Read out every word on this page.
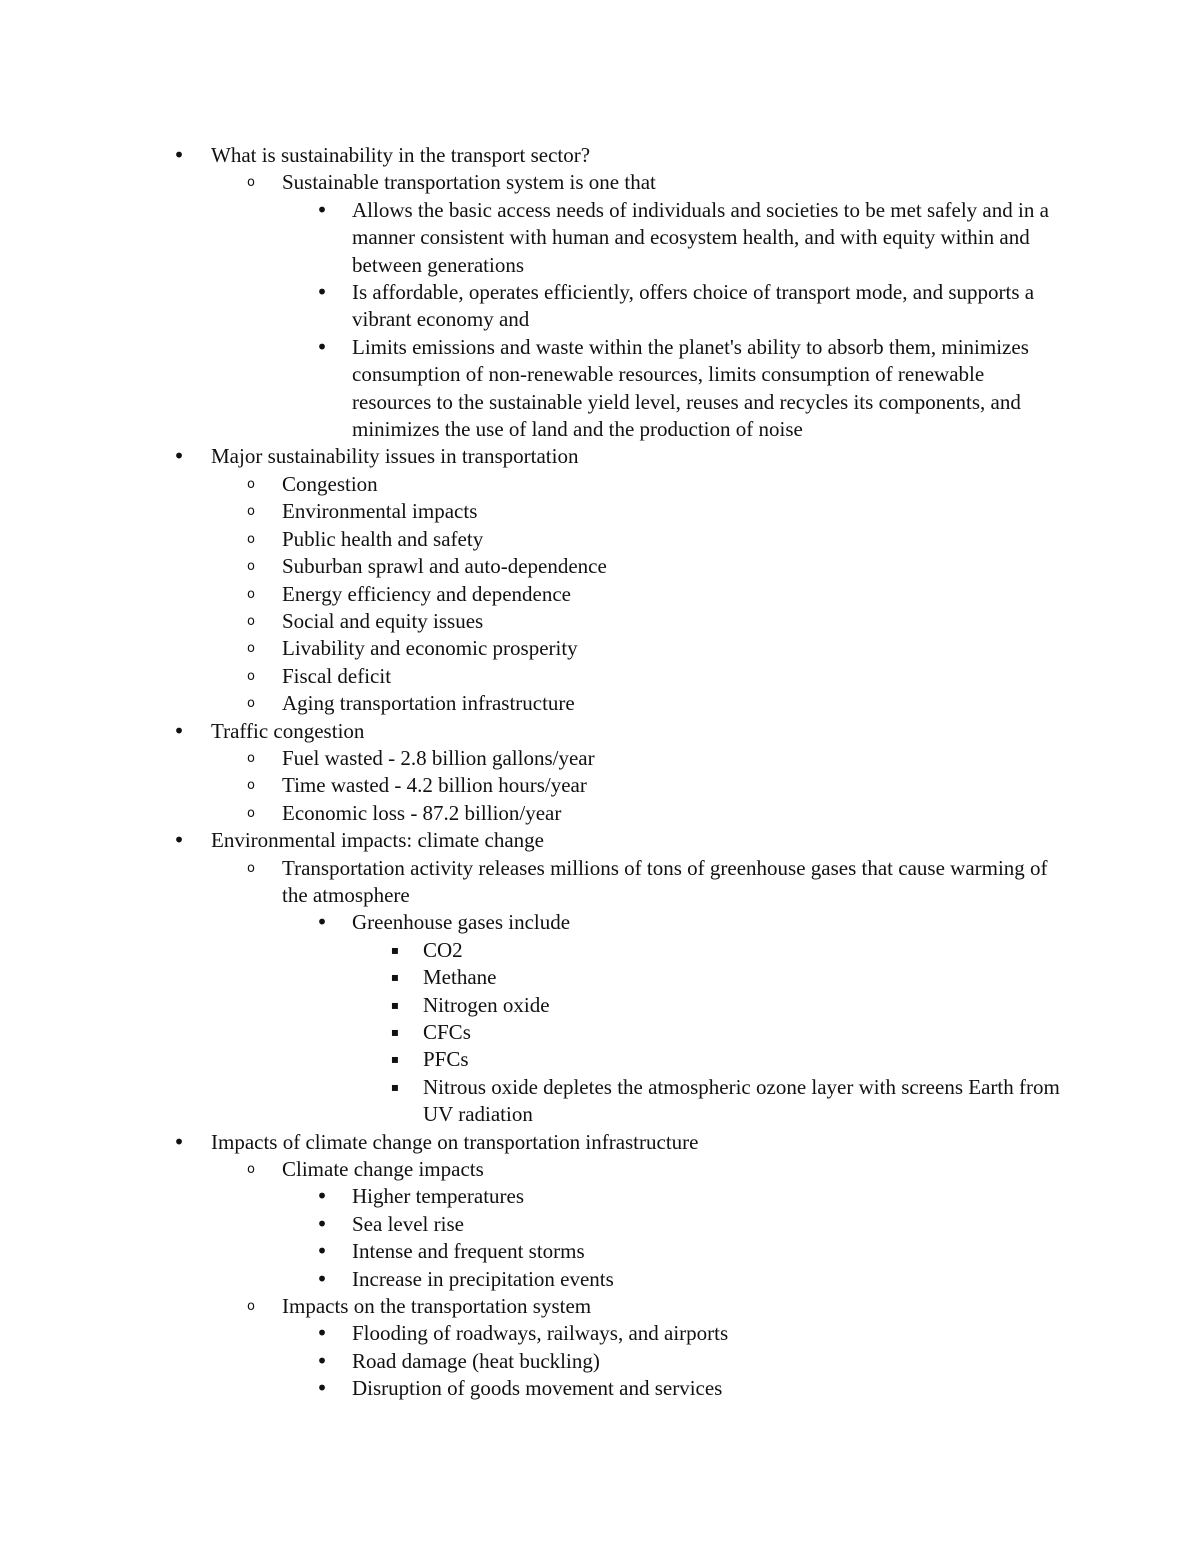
• What is sustainability in the transport sector?
o	Sustainable transportation system is one that
• Allows the basic access needs of individuals and societies to be met safely and in a manner consistent with human and ecosystem health, and with equity within and between generations
• Is affordable, operates efficiently, offers choice of transport mode, and supports a vibrant economy and
• Limits emissions and waste within the planet's ability to absorb them, minimizes consumption of non-renewable resources, limits consumption of renewable resources to the sustainable yield level, reuses and recycles its components, and minimizes the use of land and the production of noise
• Major sustainability issues in transportation
o	Congestion
o	Environmental impacts
o	Public health and safety
o	Suburban sprawl and auto-dependence
o	Energy efficiency and dependence
o	Social and equity issues
o	Livability and economic prosperity
o	Fiscal deficit
o	Aging transportation infrastructure
• Traffic congestion
o	Fuel wasted - 2.8 billion gallons/year
o	Time wasted - 4.2 billion hours/year
o	Economic loss - 87.2 billion/year
• Environmental impacts: climate change
o	Transportation activity releases millions of tons of greenhouse gases that cause warming of the atmosphere
• Greenhouse gases include
▪	CO2
▪	Methane
▪	Nitrogen oxide
▪	CFCs
▪	PFCs
▪	Nitrous oxide depletes the atmospheric ozone layer with screens Earth from UV radiation
• Impacts of climate change on transportation infrastructure
o	Climate change impacts
• Higher temperatures
• Sea level rise
• Intense and frequent storms
• Increase in precipitation events
o	Impacts on the transportation system
• Flooding of roadways, railways, and airports
• Road damage (heat buckling)
• Disruption of goods movement and services
